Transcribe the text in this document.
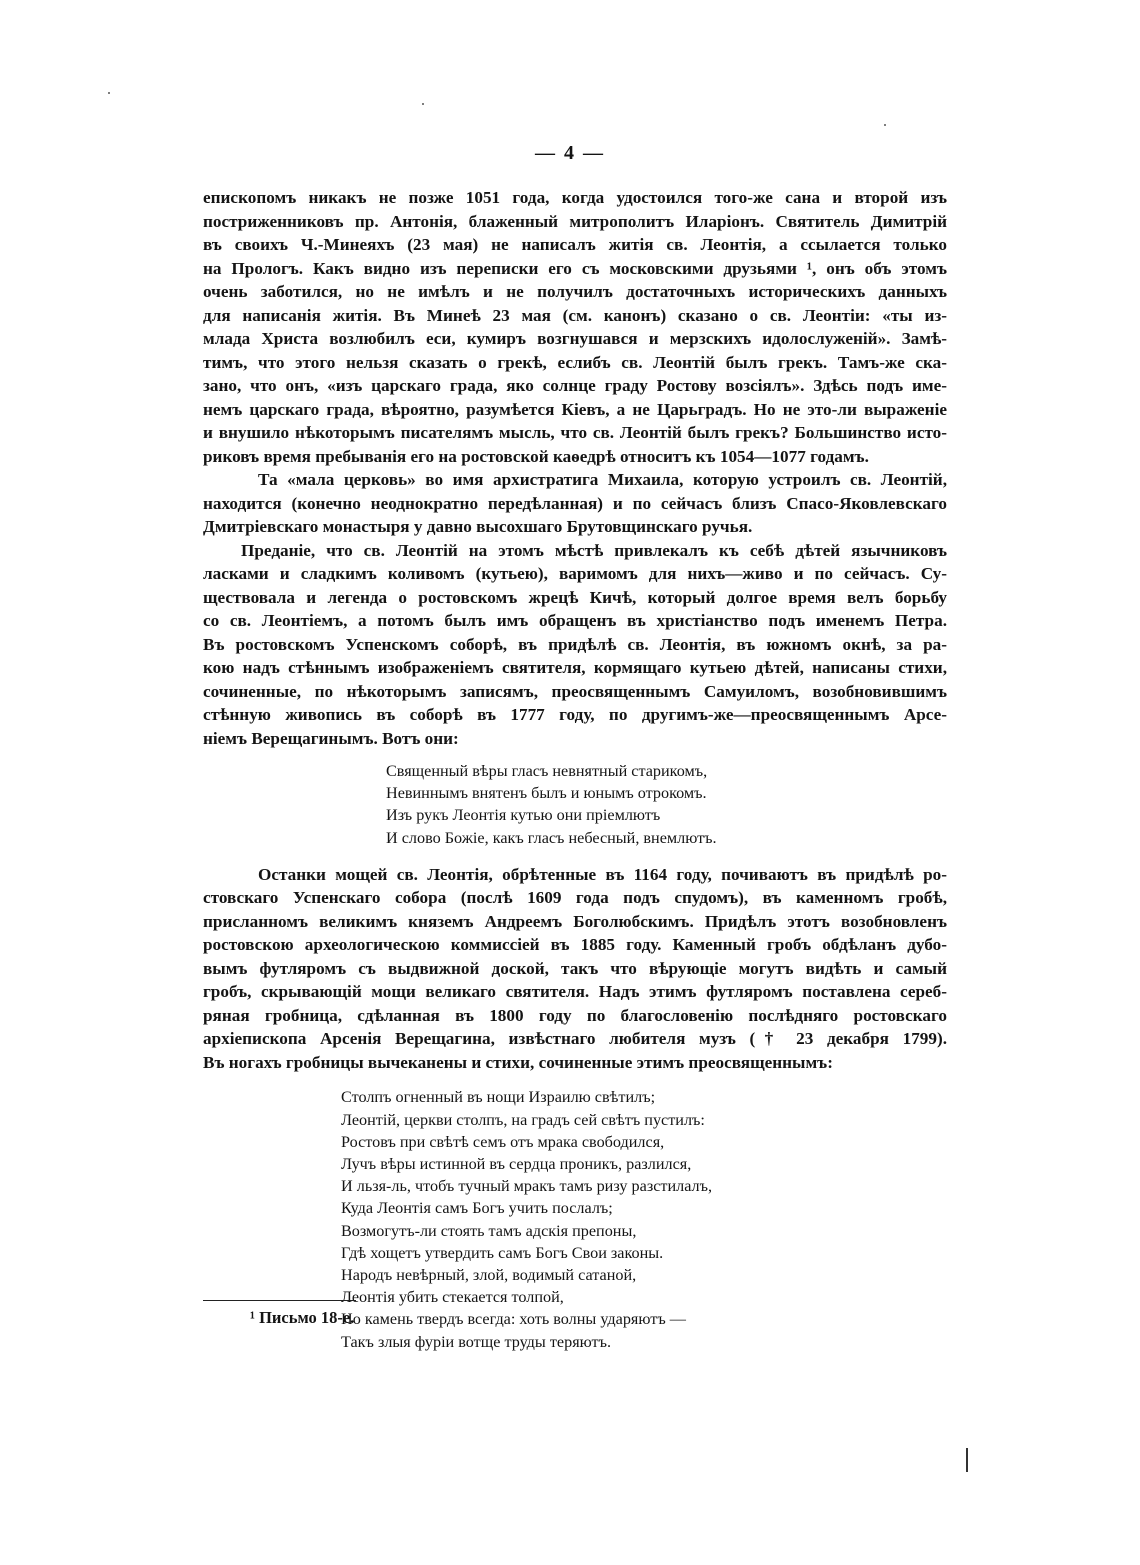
— 4 —
епископомъ никакъ не позже 1051 года, когда удостоился того-же сана и второй изъ
постриженниковъ пр. Антонія, блаженный митрополитъ Иларіонъ. Святитель Димитрій
въ своихъ Ч.-Минеяхъ (23 мая) не написалъ житія св. Леонтія, а ссылается только
на Прологъ. Какъ видно изъ переписки его съ московскими друзьями ¹, онъ объ этомъ
очень заботился, но не имѣлъ и не получилъ достаточныхъ историческихъ данныхъ
для написанія житія. Въ Минеѣ 23 мая (см. канонъ) сказано о св. Леонтіи: «ты из-
млада Христа возлюбилъ еси, кумиръ возгнушався и мерзскихъ идолослуженій». Замѣ-
тимъ, что этого нельзя сказать о грекѣ, еслибъ св. Леонтій былъ грекъ. Тамъ-же ска-
зано, что онъ, «изъ царскаго града, яко солнце граду Ростову возсіялъ». Здѣсь подъ име-
немъ царскаго града, вѣроятно, разумѣется Кіевъ, а не Царьградъ. Но не это-ли выраженіе
и внушило нѣкоторымъ писателямъ мысль, что св. Леонтій былъ грекъ? Большинство исто-
риковъ время пребыванія его на ростовской каѳедрѣ относитъ къ 1054—1077 годамъ.
Та «мала церковь» во имя архистратига Михаила, которую устроилъ св. Леонтій,
находится (конечно неоднократно передѣланная) и по сейчасъ близъ Спасо-Яковлевскаго
Дмитріевскаго монастыря у давно высохшаго Брутовщинскаго ручья.
Преданіе, что св. Леонтій на этомъ мѣстѣ привлекалъ къ себѣ дѣтей язычниковъ
ласками и сладкимъ коливомъ (кутьею), варимомъ для нихъ—живо и по сейчасъ. Су-
ществовала и легенда о ростовскомъ жрецѣ Кичѣ, который долгое время велъ борьбу
со св. Леонтіемъ, а потомъ былъ имъ обращенъ въ христіанство подъ именемъ Петра.
Въ ростовскомъ Успенскомъ соборѣ, въ придѣлѣ св. Леонтія, въ южномъ окнѣ, за ра-
кою надъ стѣннымъ изображеніемъ святителя, кормящаго кутьею дѣтей, написаны стихи,
сочиненные, по нѣкоторымъ записямъ, преосвященнымъ Самуиломъ, возобновившимъ
стѣнную живопись въ соборѣ въ 1777 году, по другимъ-же—преосвященнымъ Арсе-
ніемъ Верещагинымъ. Вотъ они:
Священный вѣры гласъ невнятный старикомъ,
Невиннымъ внятенъ былъ и юнымъ отрокомъ.
Изъ рукъ Леонтія кутью они пріемлютъ
И слово Божіе, какъ гласъ небесный, внемлютъ.
Останки мощей св. Леонтія, обрѣтенные въ 1164 году, почиваютъ въ придѣлѣ ро-
стовскаго Успенскаго собора (послѣ 1609 года подъ спудомъ), въ каменномъ гробѣ,
присланномъ великимъ княземъ Андреемъ Боголюбскимъ. Придѣлъ этотъ возобновленъ
ростовскою археологическою коммиссіей въ 1885 году. Каменный гробъ обдѣланъ дубо-
вымъ футляромъ съ выдвижной доской, такъ что вѣрующіе могутъ видѣть и самый
гробъ, скрывающій мощи великаго святителя. Надъ этимъ футляромъ поставлена сереб-
ряная гробница, сдѣланная въ 1800 году по благословенію послѣдняго ростовскаго
архіепископа Арсенія Верещагина, извѣстнаго любителя музъ († 23 декабря 1799).
Въ ногахъ гробницы вычеканены и стихи, сочиненные этимъ преосвященнымъ:
Столпъ огненный въ нощи Израилю свѣтилъ;
Леонтій, церкви столпъ, на градъ сей свѣтъ пустилъ:
Ростовъ при свѣтѣ семъ отъ мрака свободился,
Лучъ вѣры истинной въ сердца проникъ, разлился,
И льзя-ль, чтобъ тучный мракъ тамъ ризу разстилалъ,
Куда Леонтія самъ Богъ учить послалъ;
Возмогутъ-ли стоять тамъ адскія препоны,
Гдѣ хощетъ утвердить самъ Богъ Свои законы.
Народъ невѣрный, злой, водимый сатаной,
Леонтія убить стекается толпой,
Но камень твердъ всегда: хоть волны ударяютъ —
Такъ злыя фуріи вотще труды теряютъ.
¹ Письмо 18-е.
